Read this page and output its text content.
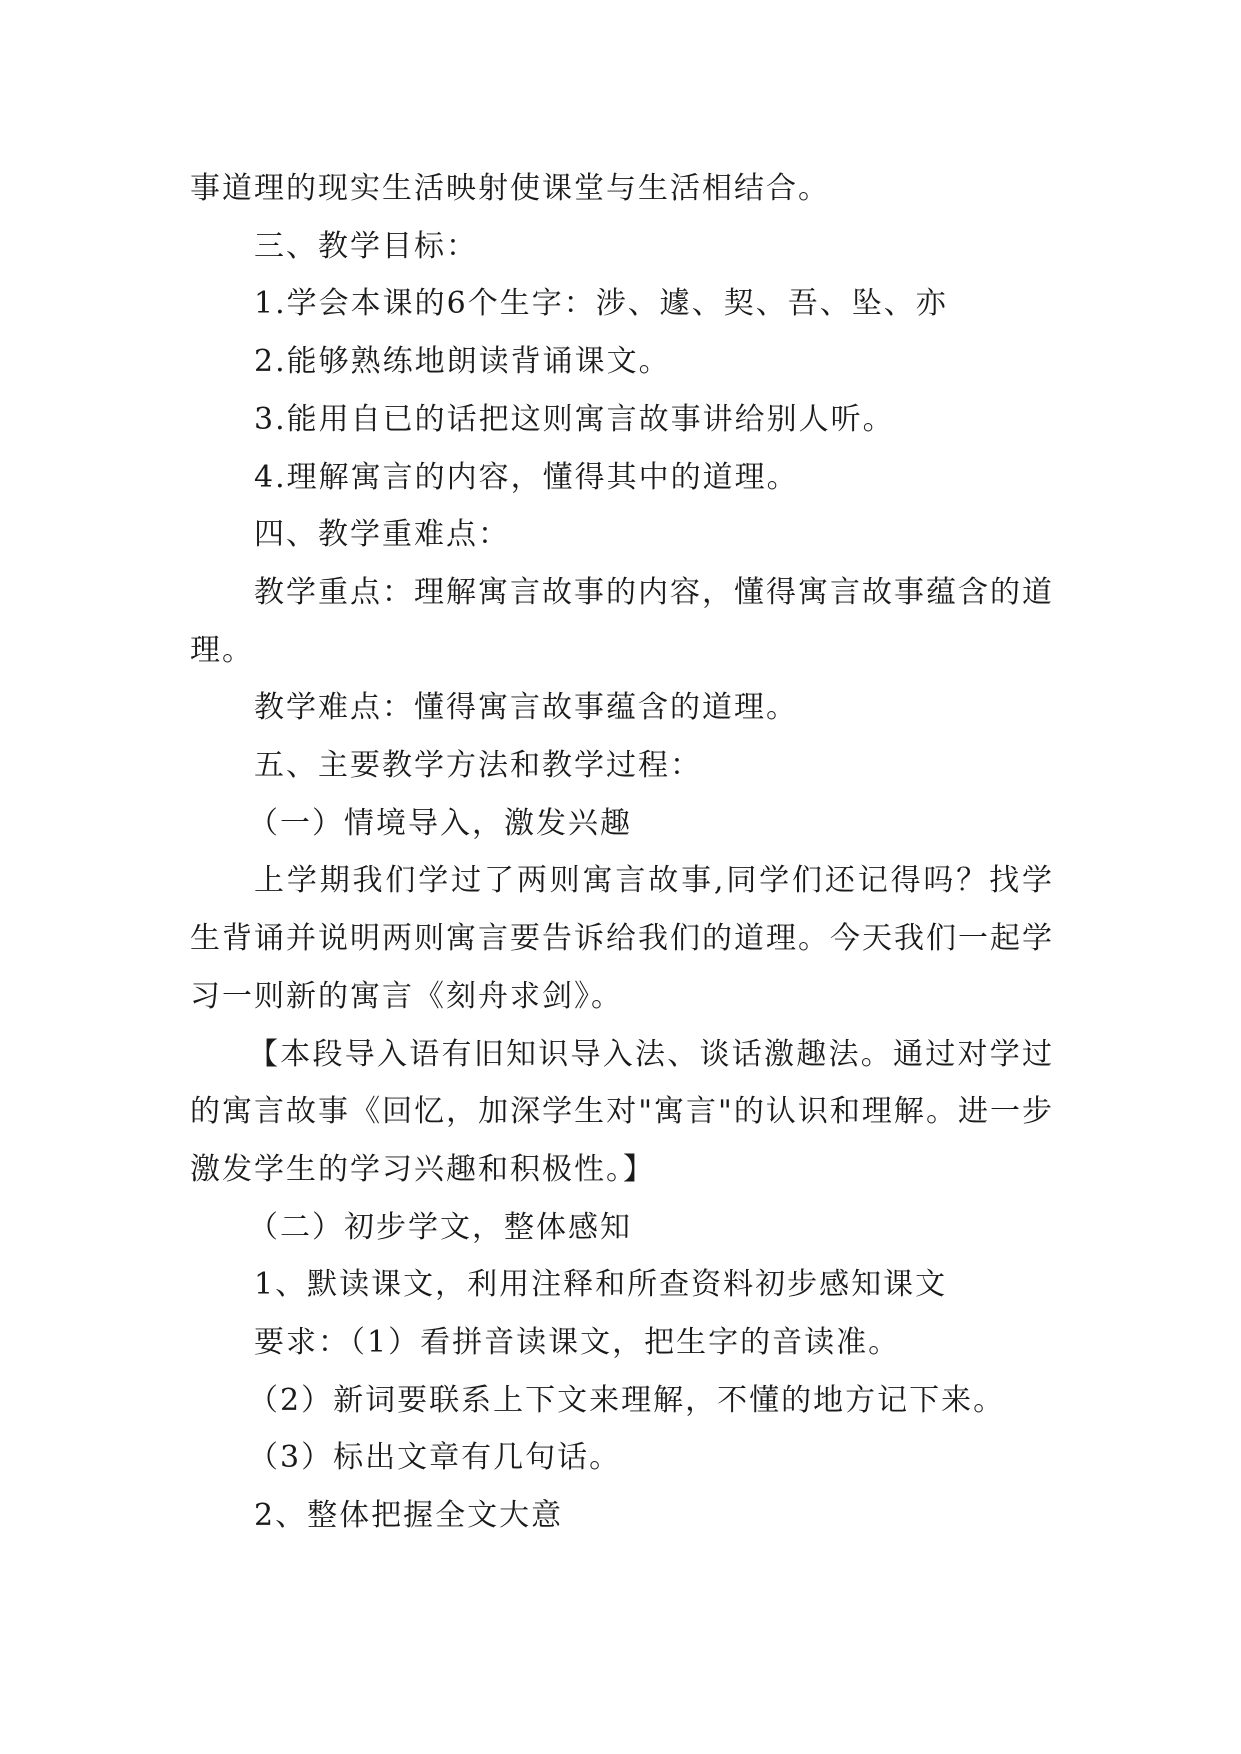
事道理的现实生活映射使课堂与生活相结合。

三、教学目标：

1.学会本课的6个生字：涉、遽、契、吾、坠、亦

2.能够熟练地朗读背诵课文。

3.能用自已的话把这则寓言故事讲给别人听。

4.理解寓言的内容，懂得其中的道理。

四、教学重难点：

教学重点：理解寓言故事的内容，懂得寓言故事蕴含的道理。

教学难点：懂得寓言故事蕴含的道理。

五、主要教学方法和教学过程：

（一）情境导入，激发兴趣

上学期我们学过了两则寓言故事,同学们还记得吗？找学生背诵并说明两则寓言要告诉给我们的道理。今天我们一起学习一则新的寓言《刻舟求剑》。

【本段导入语有旧知识导入法、谈话激趣法。通过对学过的寓言故事《回忆，加深学生对"寓言"的认识和理解。进一步激发学生的学习兴趣和积极性。】

（二）初步学文，整体感知

1、默读课文，利用注释和所查资料初步感知课文

要求：（1）看拼音读课文，把生字的音读准。

（2）新词要联系上下文来理解，不懂的地方记下来。

（3）标出文章有几句话。

2、整体把握全文大意
